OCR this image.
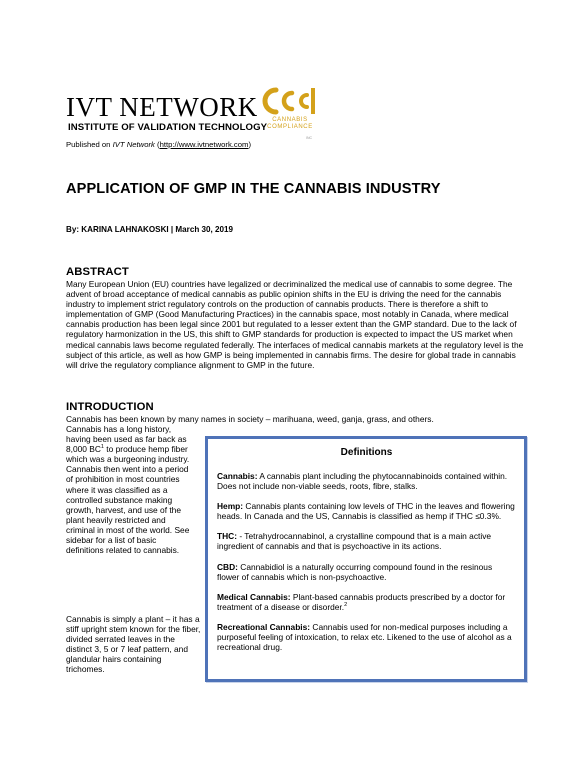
IVT NETWORK
INSTITUTE OF VALIDATION TECHNOLOGY
CANNABIS
COMPLIANCE
INC
Published on IVT Network (http://www.ivtnetwork.com)
APPLICATION OF GMP IN THE CANNABIS INDUSTRY
By: KARINA LAHNAKOSKI | March 30, 2019
ABSTRACT
Many European Union (EU) countries have legalized or decriminalized the medical use of cannabis to some degree. The advent of broad acceptance of medical cannabis as public opinion shifts in the EU is driving the need for the cannabis industry to implement strict regulatory controls on the production of cannabis products. There is therefore a shift to implementation of GMP (Good Manufacturing Practices) in the cannabis space, most notably in Canada, where medical cannabis production has been legal since 2001 but regulated to a lesser extent than the GMP standard. Due to the lack of regulatory harmonization in the US, this shift to GMP standards for production is expected to impact the US market when medical cannabis laws become regulated federally. The interfaces of medical cannabis markets at the regulatory level is the subject of this article, as well as how GMP is being implemented in cannabis firms. The desire for global trade in cannabis will drive the regulatory compliance alignment to GMP in the future.
INTRODUCTION
Cannabis has been known by many names in society – marihuana, weed, ganja, grass, and others.
Cannabis has a long history, having been used as far back as 8,000 $BC^1$ to produce hemp fiber which was a burgeoning industry. Cannabis then went into a period of prohibition in most countries where it was classified as a controlled substance making growth, harvest, and use of the plant heavily restricted and criminal in most of the world. See sidebar for a list of basic definitions related to cannabis.
Cannabis is simply a plant – it has a stiff upright stem known for the fiber, divided serrated leaves in the distinct 3, 5 or 7 leaf pattern, and glandular hairs containing trichomes.
Definitions
Cannabis: A cannabis plant including the phytocannabinoids contained within. Does not include non-viable seeds, roots, fibre, stalks.
Hemp: Cannabis plants containing low levels of THC in the leaves and flowering heads. In Canada and the US, Cannabis is classified as hemp if THC ≤0.3%.
THC: - Tetrahydrocannabinol, a crystalline compound that is a main active ingredient of cannabis and that is psychoactive in its actions.
CBD: Cannabidiol is a naturally occurring compound found in the resinous flower of cannabis which is non-psychoactive.
Medical Cannabis: Plant-based cannabis products prescribed by a doctor for treatment of a disease or disorder.$^2$
Recreational Cannabis: Cannabis used for non-medical purposes including a purposeful feeling of intoxication, to relax etc. Likened to the use of alcohol as a recreational drug.
